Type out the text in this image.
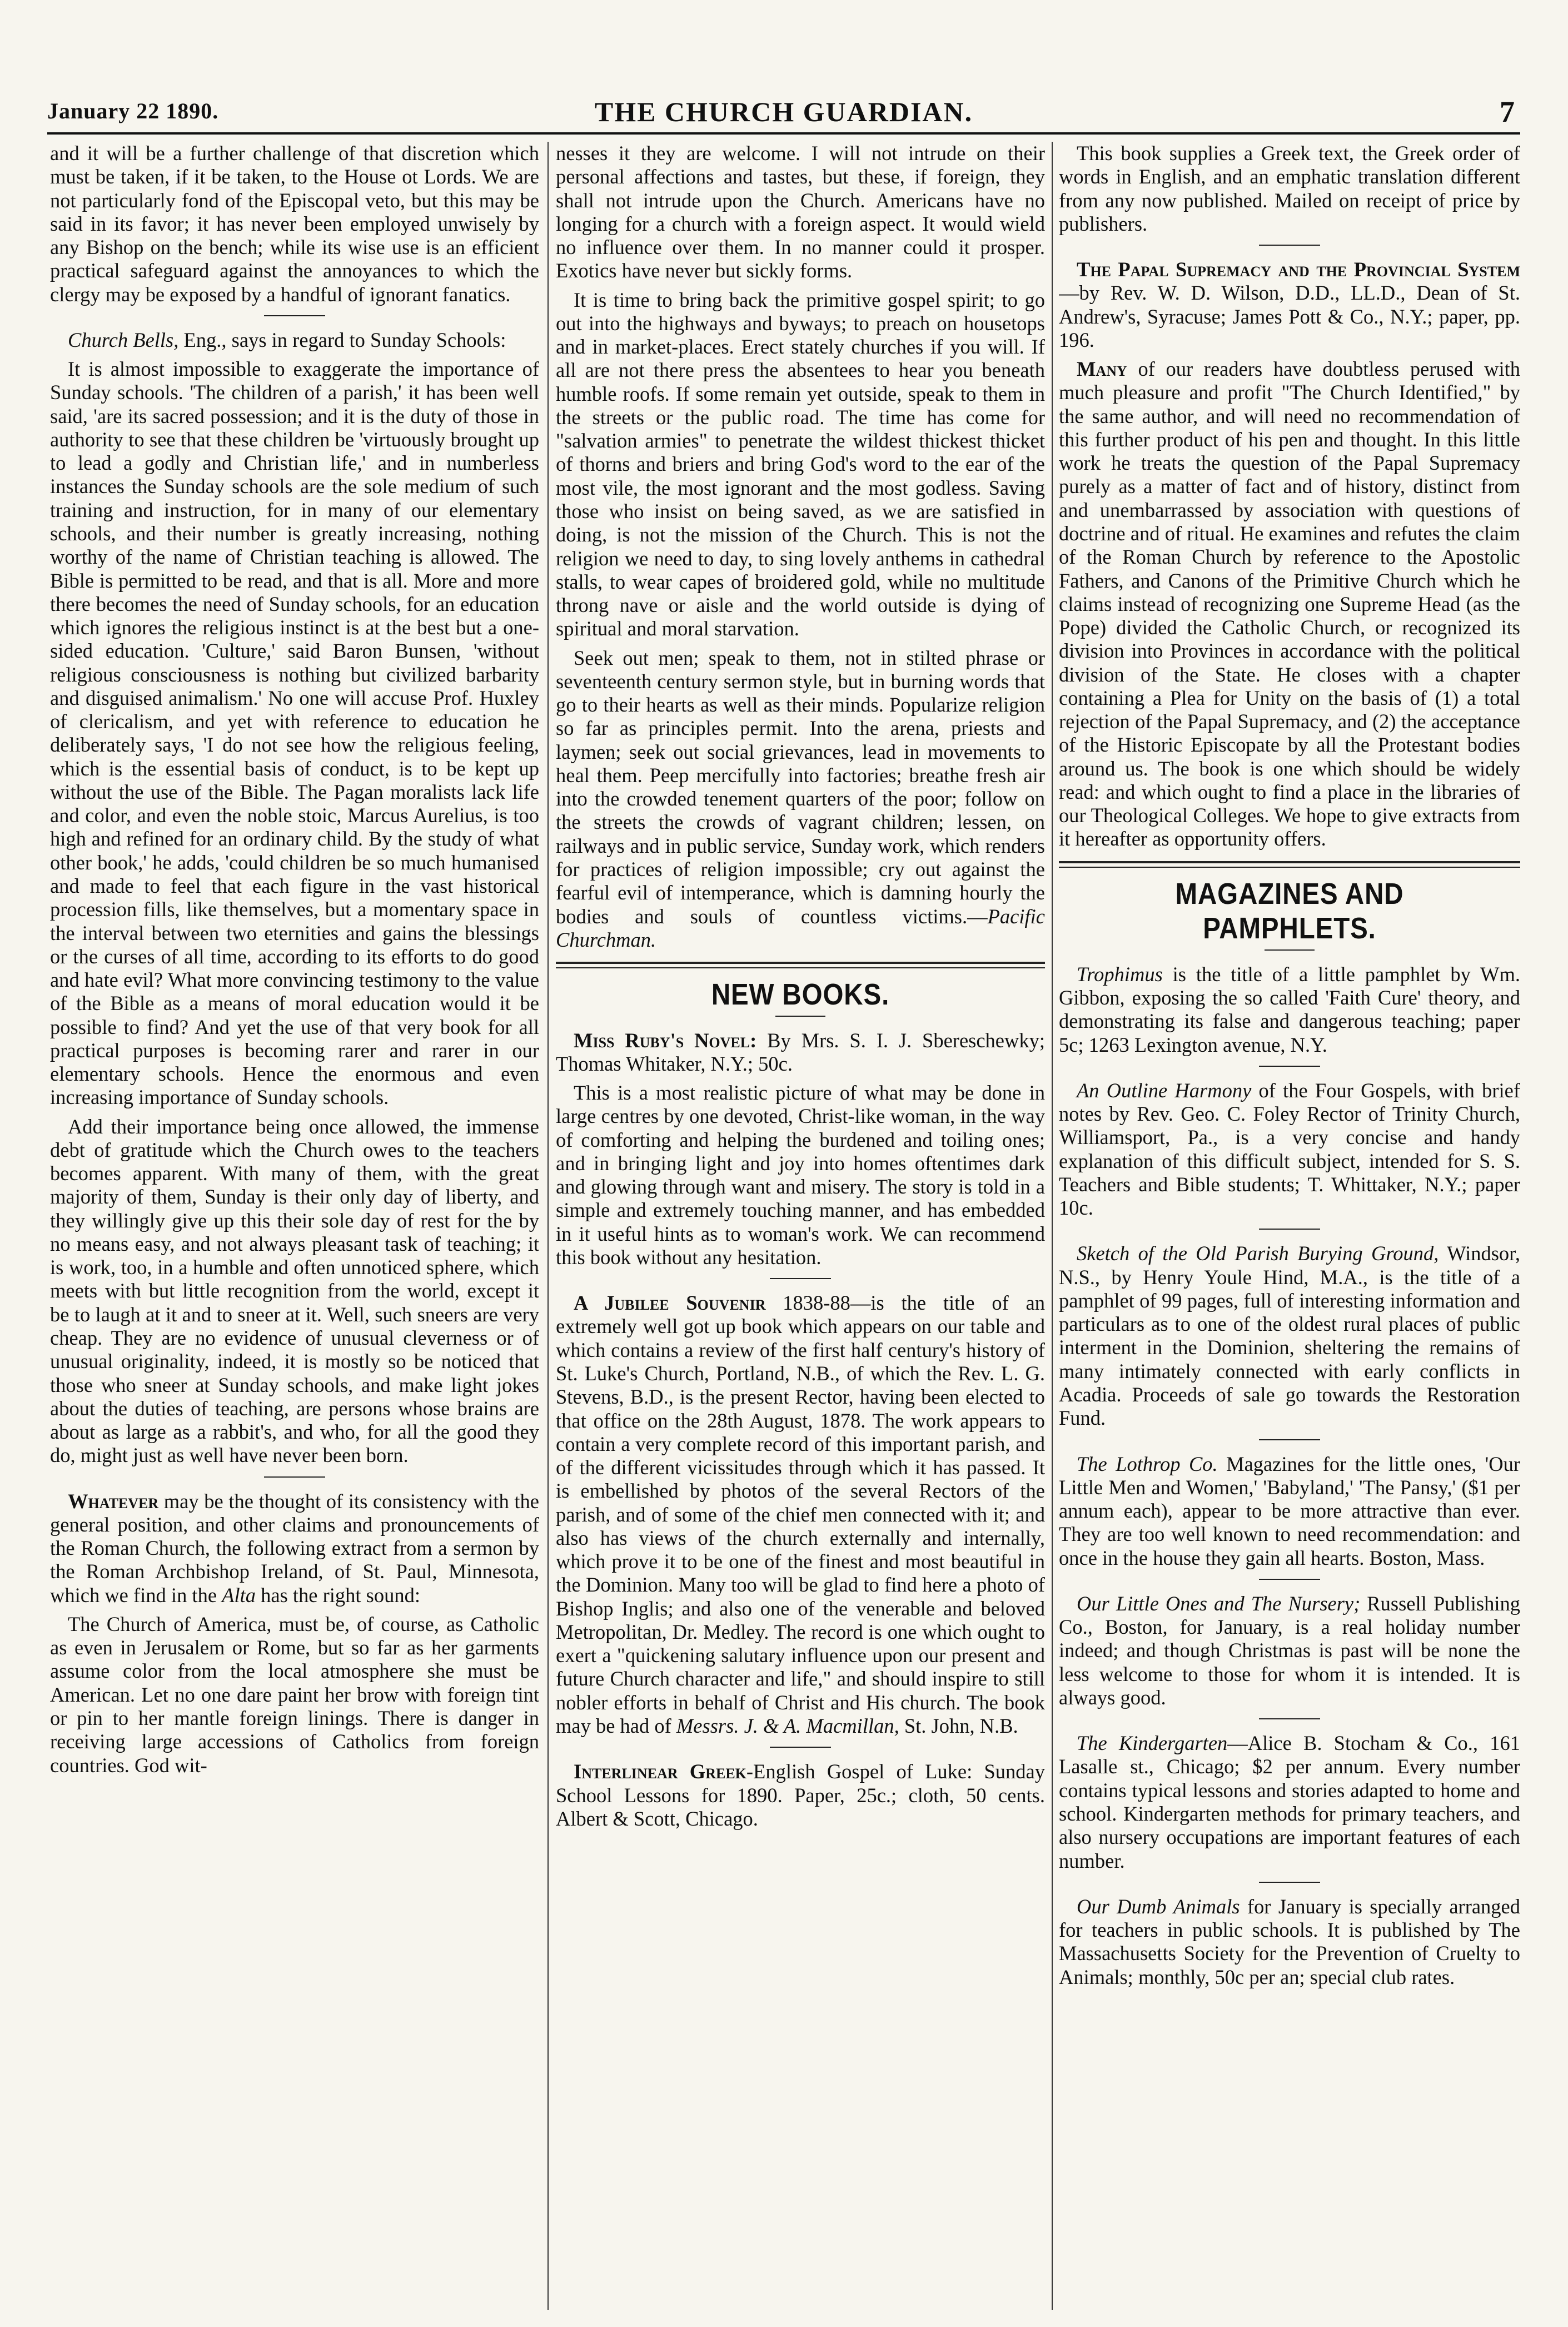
January 22 1890.	THE CHURCH GUARDIAN.	7

and it will be a further challenge of that discretion which must be taken, if it be taken, to the House ot Lords. We are not particularly fond of the Episcopal veto, but this may be said in its favor; it has never been employed unwisely by any Bishop on the bench; while its wise use is an efficient practical safeguard against the annoyances to which the clergy may be exposed by a handful of ignorant fanatics.

Church Bells, Eng., says in regard to Sunday Schools:

It is almost impossible to exaggerate the importance of Sunday schools. 'The children of a parish,' it has been well said, 'are its sacred possession; and it is the duty of those in authority to see that these children be 'virtuously brought up to lead a godly and Christian life,' and in numberless instances the Sunday schools are the sole medium of such training and instruction, for in many of our elementary schools, and their number is greatly increasing, nothing worthy of the name of Christian teaching is allowed. The Bible is permitted to be read, and that is all. More and more there becomes the need of Sunday schools, for an education which ignores the religious instinct is at the best but a one-sided education. 'Culture,' said Baron Bunsen, 'without religious consciousness is nothing but civilized barbarity and disguised animalism.' No one will accuse Prof. Huxley of clericalism, and yet with reference to education he deliberately says, 'I do not see how the religious feeling, which is the essential basis of conduct, is to be kept up without the use of the Bible. The Pagan moralists lack life and color, and even the noble stoic, Marcus Aurelius, is too high and refined for an ordinary child. By the study of what other book,' he adds, 'could children be so much humanised and made to feel that each figure in the vast historical procession fills, like themselves, but a momentary space in the interval between two eternities and gains the blessings or the curses of all time, according to its efforts to do good and hate evil? What more convincing testimony to the value of the Bible as a means of moral education would it be possible to find? And yet the use of that very book for all practical purposes is becoming rarer and rarer in our elementary schools. Hence the enormous and even increasing importance of Sunday schools.

Add their importance being once allowed, the immense debt of gratitude which the Church owes to the teachers becomes apparent. With many of them, with the great majority of them, Sunday is their only day of liberty, and they willingly give up this their sole day of rest for the by no means easy, and not always pleasant task of teaching; it is work, too, in a humble and often unnoticed sphere, which meets with but little recognition from the world, except it be to laugh at it and to sneer at it. Well, such sneers are very cheap. They are no evidence of unusual cleverness or of unusual originality, indeed, it is mostly so be noticed that those who sneer at Sunday schools, and make light jokes about the duties of teaching, are persons whose brains are about as large as a rabbit's, and who, for all the good they do, might just as well have never been born.

Whatever may be the thought of its consistency with the general position, and other claims and pronouncements of the Roman Church, the following extract from a sermon by the Roman Archbishop Ireland, of St. Paul, Minnesota, which we find in the Alta has the right sound:

The Church of America, must be, of course, as Catholic as even in Jerusalem or Rome, but so far as her garments assume color from the local atmosphere she must be American. Let no one dare paint her brow with foreign tint or pin to her mantle foreign linings. There is danger in receiving large accessions of Catholics from foreign countries. God wit-

nesses it they are welcome. I will not intrude on their personal affections and tastes, but these, if foreign, they shall not intrude upon the Church. Americans have no longing for a church with a foreign aspect. It would wield no influence over them. In no manner could it prosper. Exotics have never but sickly forms.

It is time to bring back the primitive gospel spirit; to go out into the highways and byways; to preach on housetops and in market-places. Erect stately churches if you will. If all are not there press the absentees to hear you beneath humble roofs. If some remain yet outside, speak to them in the streets or the public road. The time has come for "salvation armies" to penetrate the wildest thickest thicket of thorns and briers and bring God's word to the ear of the most vile, the most ignorant and the most godless. Saving those who insist on being saved, as we are satisfied in doing, is not the mission of the Church. This is not the religion we need to day, to sing lovely anthems in cathedral stalls, to wear capes of broidered gold, while no multitude throng nave or aisle and the world outside is dying of spiritual and moral starvation.

Seek out men; speak to them, not in stilted phrase or seventeenth century sermon style, but in burning words that go to their hearts as well as their minds. Popularize religion so far as principles permit. Into the arena, priests and laymen; seek out social grievances, lead in movements to heal them. Peep mercifully into factories; breathe fresh air into the crowded tenement quarters of the poor; follow on the streets the crowds of vagrant children; lessen, on railways and in public service, Sunday work, which renders for practices of religion impossible; cry out against the fearful evil of intemperance, which is damning hourly the bodies and souls of countless victims.—Pacific Churchman.

NEW BOOKS.

Miss Ruby's Novel: By Mrs. S. I. J. Sbereschewky; Thomas Whitaker, N.Y.; 50c.

This is a most realistic picture of what may be done in large centres by one devoted, Christ-like woman, in the way of comforting and helping the burdened and toiling ones; and in bringing light and joy into homes oftentimes dark and glowing through want and misery. The story is told in a simple and extremely touching manner, and has embedded in it useful hints as to woman's work. We can recommend this book without any hesitation.

A Jubilee Souvenir 1838-88—is the title of an extremely well got up book which appears on our table and which contains a review of the first half century's history of St. Luke's Church, Portland, N.B., of which the Rev. L. G. Stevens, B.D., is the present Rector, having been elected to that office on the 28th August, 1878. The work appears to contain a very complete record of this important parish, and of the different vicissitudes through which it has passed. It is embellished by photos of the several Rectors of the parish, and of some of the chief men connected with it; and also has views of the church externally and internally, which prove it to be one of the finest and most beautiful in the Dominion. Many too will be glad to find here a photo of Bishop Inglis; and also one of the venerable and beloved Metropolitan, Dr. Medley. The record is one which ought to exert a "quickening salutary influence upon our present and future Church character and life," and should inspire to still nobler efforts in behalf of Christ and His church. The book may be had of Messrs. J. & A. Macmillan, St. John, N.B.

Interlinear Greek-English Gospel of Luke: Sunday School Lessons for 1890. Paper, 25c.; cloth, 50 cents. Albert & Scott, Chicago.

This book supplies a Greek text, the Greek order of words in English, and an emphatic translation different from any now published. Mailed on receipt of price by publishers.

The Papal Supremacy and the Provincial System—by Rev. W. D. Wilson, D.D., LL.D., Dean of St. Andrew's, Syracuse; James Pott & Co., N.Y.; paper, pp. 196.

Many of our readers have doubtless perused with much pleasure and profit "The Church Identified," by the same author, and will need no recommendation of this further product of his pen and thought. In this little work he treats the question of the Papal Supremacy purely as a matter of fact and of history, distinct from and unembarrassed by association with questions of doctrine and of ritual. He examines and refutes the claim of the Roman Church by reference to the Apostolic Fathers, and Canons of the Primitive Church which he claims instead of recognizing one Supreme Head (as the Pope) divided the Catholic Church, or recognized its division into Provinces in accordance with the political division of the State. He closes with a chapter containing a Plea for Unity on the basis of (1) a total rejection of the Papal Supremacy, and (2) the acceptance of the Historic Episcopate by all the Protestant bodies around us. The book is one which should be widely read: and which ought to find a place in the libraries of our Theological Colleges. We hope to give extracts from it hereafter as opportunity offers.

MAGAZINES AND PAMPHLETS.

Trophimus is the title of a little pamphlet by Wm. Gibbon, exposing the so called 'Faith Cure' theory, and demonstrating its false and dangerous teaching; paper 5c; 1263 Lexington avenue, N.Y.

An Outline Harmony of the Four Gospels, with brief notes by Rev. Geo. C. Foley Rector of Trinity Church, Williamsport, Pa., is a very concise and handy explanation of this difficult subject, intended for S. S. Teachers and Bible students; T. Whittaker, N.Y.; paper 10c.

Sketch of the Old Parish Burying Ground, Windsor, N.S., by Henry Youle Hind, M.A., is the title of a pamphlet of 99 pages, full of interesting information and particulars as to one of the oldest rural places of public interment in the Dominion, sheltering the remains of many intimately connected with early conflicts in Acadia. Proceeds of sale go towards the Restoration Fund.

The Lothrop Co. Magazines for the little ones, 'Our Little Men and Women,' 'Babyland,' 'The Pansy,' ($1 per annum each), appear to be more attractive than ever. They are too well known to need recommendation: and once in the house they gain all hearts. Boston, Mass.

Our Little Ones and The Nursery; Russell Publishing Co., Boston, for January, is a real holiday number indeed; and though Christmas is past will be none the less welcome to those for whom it is intended. It is always good.

The Kindergarten—Alice B. Stocham & Co., 161 Lasalle st., Chicago; $2 per annum. Every number contains typical lessons and stories adapted to home and school. Kindergarten methods for primary teachers, and also nursery occupations are important features of each number.

Our Dumb Animals for January is specially arranged for teachers in public schools. It is published by The Massachusetts Society for the Prevention of Cruelty to Animals; monthly, 50c per an; special club rates.
